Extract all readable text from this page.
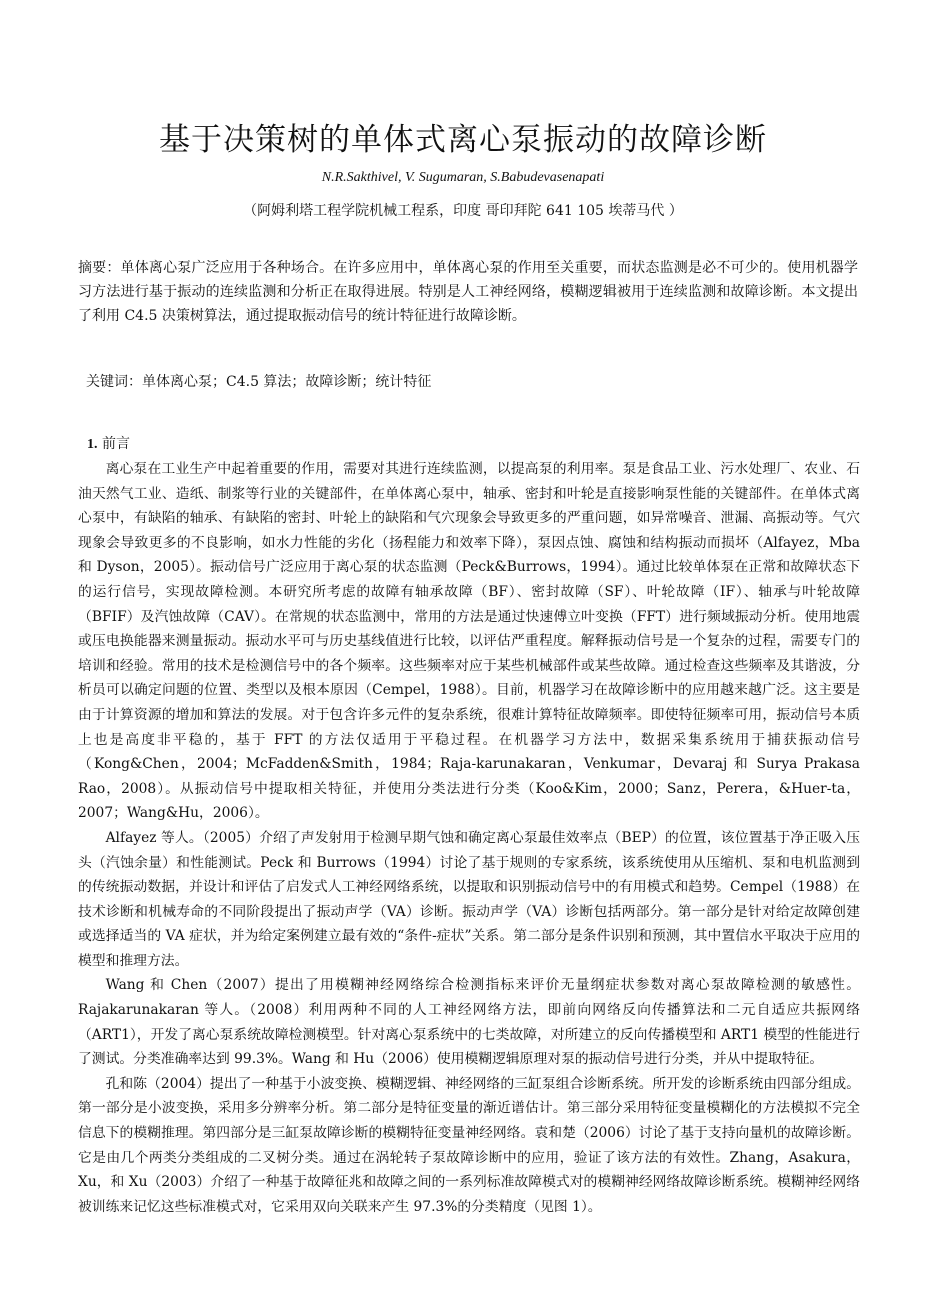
基于决策树的单体式离心泵振动的故障诊断
N.R.Sakthivel, V. Sugumaran, S.Babudevasenapati
（阿姆利塔工程学院机械工程系，印度 哥印拜陀 641 105 埃蒂马代 ）
摘要：单体离心泵广泛应用于各种场合。在许多应用中，单体离心泵的作用至关重要，而状态监测是必不可少的。使用机器学习方法进行基于振动的连续监测和分析正在取得进展。特别是人工神经网络，模糊逻辑被用于连续监测和故障诊断。本文提出了利用 C4.5 决策树算法，通过提取振动信号的统计特征进行故障诊断。
关键词：单体离心泵；C4.5 算法；故障诊断；统计特征
1. 前言

离心泵在工业生产中起着重要的作用，需要对其进行连续监测，以提高泵的利用率。泵是食品工业、污水处理厂、农业、石油天然气工业、造纸、制浆等行业的关键部件，在单体离心泵中，轴承、密封和叶轮是直接影响泵性能的关键部件。在单体式离心泵中，有缺陷的轴承、有缺陷的密封、叶轮上的缺陷和气穴现象会导致更多的严重问题，如异常噪音、泄漏、高振动等。气穴现象会导致更多的不良影响，如水力性能的劣化（扬程能力和效率下降），泵因点蚀、腐蚀和结构振动而损坏（Alfayez，Mba 和 Dyson，2005）。振动信号广泛应用于离心泵的状态监测（Peck&Burrows，1994）。通过比较单体泵在正常和故障状态下的运行信号，实现故障检测。本研究所考虑的故障有轴承故障（BF）、密封故障（SF）、叶轮故障（IF）、轴承与叶轮故障（BFIF）及汽蚀故障（CAV）。在常规的状态监测中，常用的方法是通过快速傅立叶变换（FFT）进行频域振动分析。使用地震或压电换能器来测量振动。振动水平可与历史基线值进行比较，以评估严重程度。解释振动信号是一个复杂的过程，需要专门的培训和经验。常用的技术是检测信号中的各个频率。这些频率对应于某些机械部件或某些故障。通过检查这些频率及其谐波，分析员可以确定问题的位置、类型以及根本原因（Cempel，1988）。目前，机器学习在故障诊断中的应用越来越广泛。这主要是由于计算资源的增加和算法的发展。对于包含许多元件的复杂系统，很难计算特征故障频率。即使特征频率可用，振动信号本质上也是高度非平稳的，基于 FFT 的方法仅适用于平稳过程。在机器学习方法中，数据采集系统用于捕获振动信号（Kong&Chen，2004；McFadden&Smith，1984；Raja-karunakaran，Venkumar，Devaraj 和 Surya Prakasa Rao，2008）。从振动信号中提取相关特征，并使用分类法进行分类（Koo&Kim，2000；Sanz，Perera，&Huer-ta，2007；Wang&Hu，2006）。

Alfayez 等人。（2005）介绍了声发射用于检测早期气蚀和确定离心泵最佳效率点（BEP）的位置，该位置基于净正吸入压头（汽蚀余量）和性能测试。Peck 和 Burrows（1994）讨论了基于规则的专家系统，该系统使用从压缩机、泵和电机监测到的传统振动数据，并设计和评估了启发式人工神经网络系统，以提取和识别振动信号中的有用模式和趋势。Cempel（1988）在技术诊断和机械寿命的不同阶段提出了振动声学（VA）诊断。振动声学（VA）诊断包括两部分。第一部分是针对给定故障创建或选择适当的 VA 症状，并为给定案例建立最有效的“条件-症状”关系。第二部分是条件识别和预测，其中置信水平取决于应用的模型和推理方法。

Wang 和 Chen（2007）提出了用模糊神经网络综合检测指标来评价无量纲症状参数对离心泵故障检测的敏感性。Rajakarunakaran 等人。（2008）利用两种不同的人工神经网络方法，即前向网络反向传播算法和二元自适应共振网络（ART1），开发了离心泵系统故障检测模型。针对离心泵系统中的七类故障，对所建立的反向传播模型和 ART1 模型的性能进行了测试。分类准确率达到 99.3%。Wang 和 Hu（2006）使用模糊逻辑原理对泵的振动信号进行分类，并从中提取特征。

孔和陈（2004）提出了一种基于小波变换、模糊逻辑、神经网络的三缸泵组合诊断系统。所开发的诊断系统由四部分组成。第一部分是小波变换，采用多分辨率分析。第二部分是特征变量的渐近谱估计。第三部分采用特征变量模糊化的方法模拟不完全信息下的模糊推理。第四部分是三缸泵故障诊断的模糊特征变量神经网络。袁和楚（2006）讨论了基于支持向量机的故障诊断。它是由几个两类分类组成的二叉树分类。通过在涡轮转子泵故障诊断中的应用，验证了该方法的有效性。Zhang，Asakura，Xu，和 Xu（2003）介绍了一种基于故障征兆和故障之间的一系列标准故障模式对的模糊神经网络故障诊断系统。模糊神经网络被训练来记忆这些标准模式对，它采用双向关联来产生 97.3%的分类精度（见图 1）。
